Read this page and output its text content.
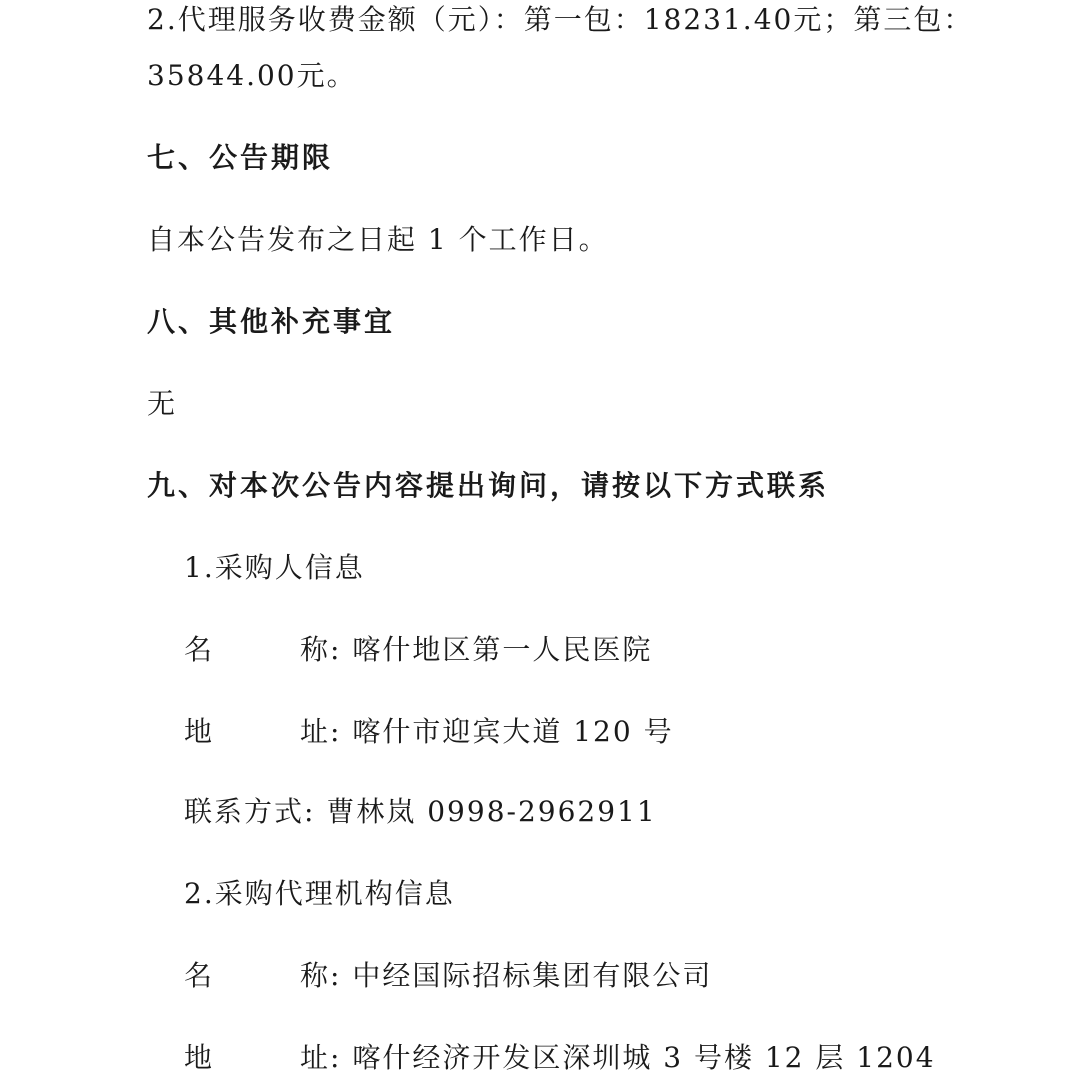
2.代理服务收费金额（元）：第一包：18231.40元；第三包：
35844.00元。
七、公告期限
自本公告发布之日起 1 个工作日。
八、其他补充事宜
无
九、对本次公告内容提出询问，请按以下方式联系
1.采购人信息
名	称: 喀什地区第一人民医院
地	址: 喀什市迎宾大道 120 号
联系方式: 曹林岚 0998-2962911
2.采购代理机构信息
名	称: 中经国际招标集团有限公司
地	址: 喀什经济开发区深圳城 3 号楼 12 层 1204
